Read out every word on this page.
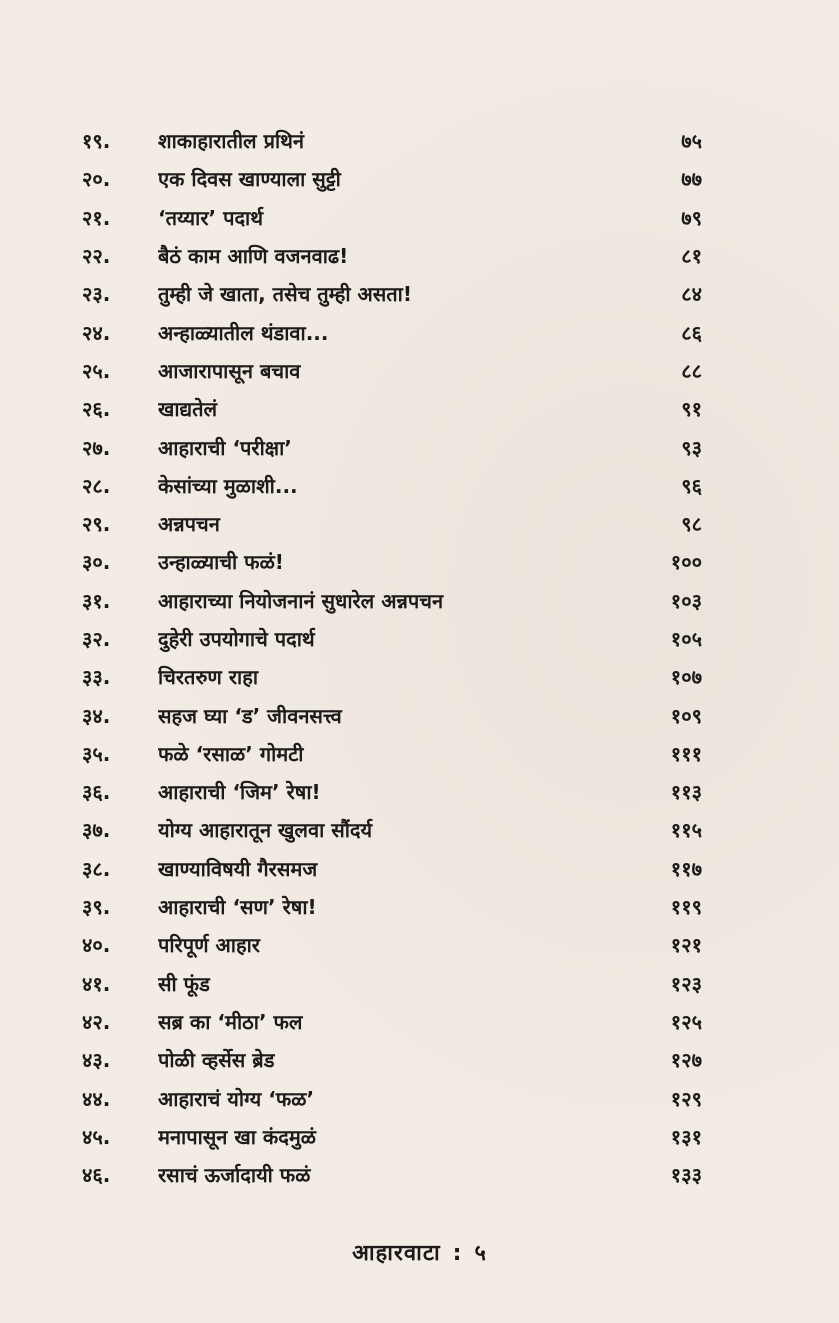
१९.	शाकाहारातील प्रथिनं	७५
२०.	एक दिवस खाण्याला सुट्टी	७७
२१.	‘तय्यार’ पदार्थ	७९
२२.	बैठं काम आणि वजनवाढ!	८१
२३.	तुम्ही जे खाता, तसेच तुम्ही असता!	८४
२४.	अन्हाळ्यातील थंडावा...	८६
२५.	आजारापासून बचाव	८८
२६.	खाद्यतेलं	९१
२७.	आहाराची ‘परीक्षा’	९३
२८.	केसांच्या मुळाशी...	९६
२९.	अन्नपचन	९८
३०.	उन्हाळ्याची फळं!	१००
३१.	आहाराच्या नियोजनानं सुधारेल अन्नपचन	१०३
३२.	दुहेरी उपयोगाचे पदार्थ	१०५
३३.	चिरतरुण राहा	१०७
३४.	सहज घ्या ‘ड’ जीवनसत्त्व	१०९
३५.	फळे ‘रसाळ’ गोमटी	१११
३६.	आहाराची ‘जिम’ रेषा!	११३
३७.	योग्य आहारातून खुलवा सौंदर्य	११५
३८.	खाण्याविषयी गैरसमज	११७
३९.	आहाराची ‘सण’ रेषा!	११९
४०.	परिपूर्ण आहार	१२१
४१.	सी फूंड	१२३
४२.	सब्र का ‘मीठा’ फल	१२५
४३.	पोळी व्हर्सेस ब्रेड	१२७
४४.	आहाराचं योग्य ‘फळ’	१२९
४५.	मनापासून खा कंदमुळं	१३१
४६.	रसाचं ऊर्जादायी फळं	१३३
आहारवाटा : ५
